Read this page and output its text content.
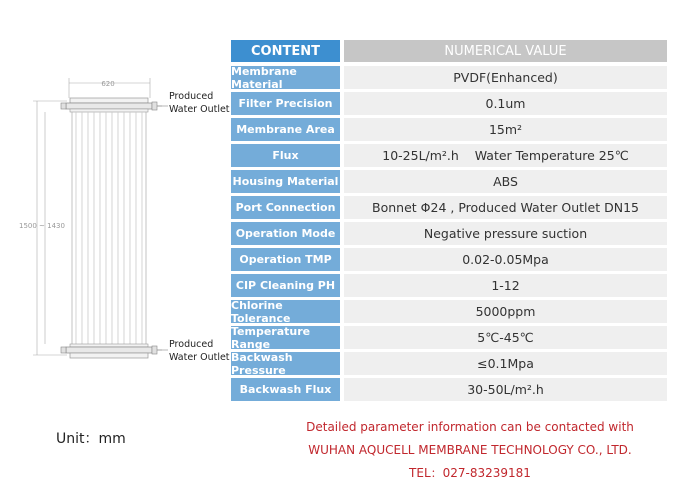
620
1500 ~ 1430
Produced
Water Outlet
Produced
Water Outlet
CONTENT	NUMERICAL VALUE
Membrane Material	PVDF(Enhanced)
Filter Precision	0.1um
Membrane Area	15m²
Flux	10-25L/m².h    Water Temperature 25℃
Housing Material	ABS
Port Connection	Bonnet Φ24 , Produced Water Outlet DN15
Operation Mode	Negative pressure suction
Operation TMP	0.02-0.05Mpa
CIP Cleaning PH	1-12
Chlorine Tolerance	5000ppm
Temperature Range	5℃-45℃
Backwash Pressure	≤0.1Mpa
Backwash Flux	30-50L/m².h
Unit：mm
Detailed parameter information can be contacted with
WUHAN AQUCELL MEMBRANE TECHNOLOGY CO., LTD.
TEL：027-83239181
